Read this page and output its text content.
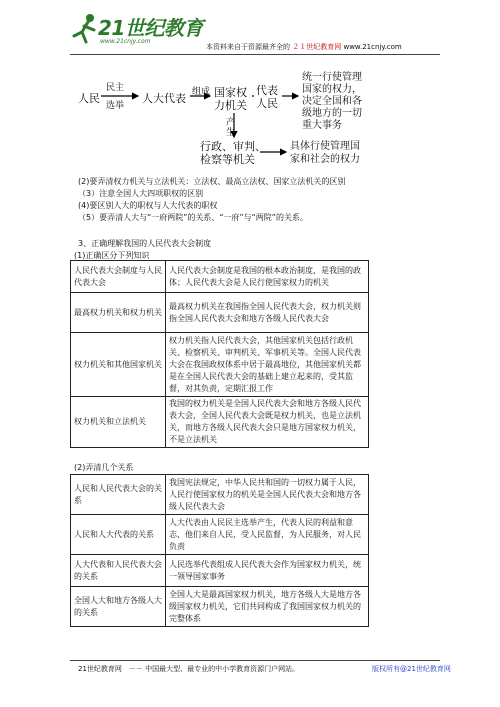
21世纪教育
www.21cnjy.com
本资料来自于资源最齐全的 ２１世纪教育网 www.21cnjy.com
人民
民主
选举
人大代表 组成 国家权
力机关
代表
人民
统一行使管理
国家的权力，
决定全国和各
级地方的一切
重大事务
产
生
行政、审判、
检察等机关
具体行使管理国
家和社会的权力
(2)要弄清权力机关与立法机关：立法权、最高立法权、国家立法机关的区别
（3）注意全国人大四项职权的区别
(4)要区别人大的职权与人大代表的职权
（5）要弄清人大与“一府两院”的关系、“一府”与“两院”的关系。
3、正确理解我国的人民代表大会制度
(1)正确区分下列知识
人民代表大会制度与人民代表大会	人民代表大会制度是我国的根本政治制度，是我国的政体；人民代表大会是人民行使国家权力的机关
最高权力机关和权力机关	最高权力机关在我国指全国人民代表大会，权力机关则指全国人民代表大会和地方各级人民代表大会
权力机关和其他国家机关	权力机关指人民代表大会，其他国家机关包括行政机关、检察机关、审判机关、军事机关等。全国人民代表大会在我国政权体系中居于最高地位，其他国家机关都是在全国人民代表大会的基础上建立起来的，受其监督，对其负责，定期汇报工作
权力机关和立法机关	我国的权力机关是全国人民代表大会和地方各级人民代表大会，全国人民代表大会既是权力机关，也是立法机关，而地方各级人民代表大会只是地方国家权力机关，不是立法机关
(2)弄清几个关系
人民和人民代表大会的关系	我国宪法规定，中华人民共和国的一切权力属于人民，人民行使国家权力的机关是全国人民代表大会和地方各级人民代表大会
人民和人大代表的关系	人大代表由人民民主选举产生，代表人民的利益和意志，他们来自人民，受人民监督，为人民服务，对人民负责
人大代表和人民代表大会的关系	人民选举代表组成人民代表大会作为国家权力机关，统一领导国家事务
全国人大和地方各级人大的关系	全国人大是最高国家权力机关，地方各级人大是地方各级国家权力机关，它们共同构成了我国国家权力机关的完整体系
21世纪教育网　－－ 中国最大型、最专业的中小学教育资源门户网站。	版权所有@21世纪教育网
